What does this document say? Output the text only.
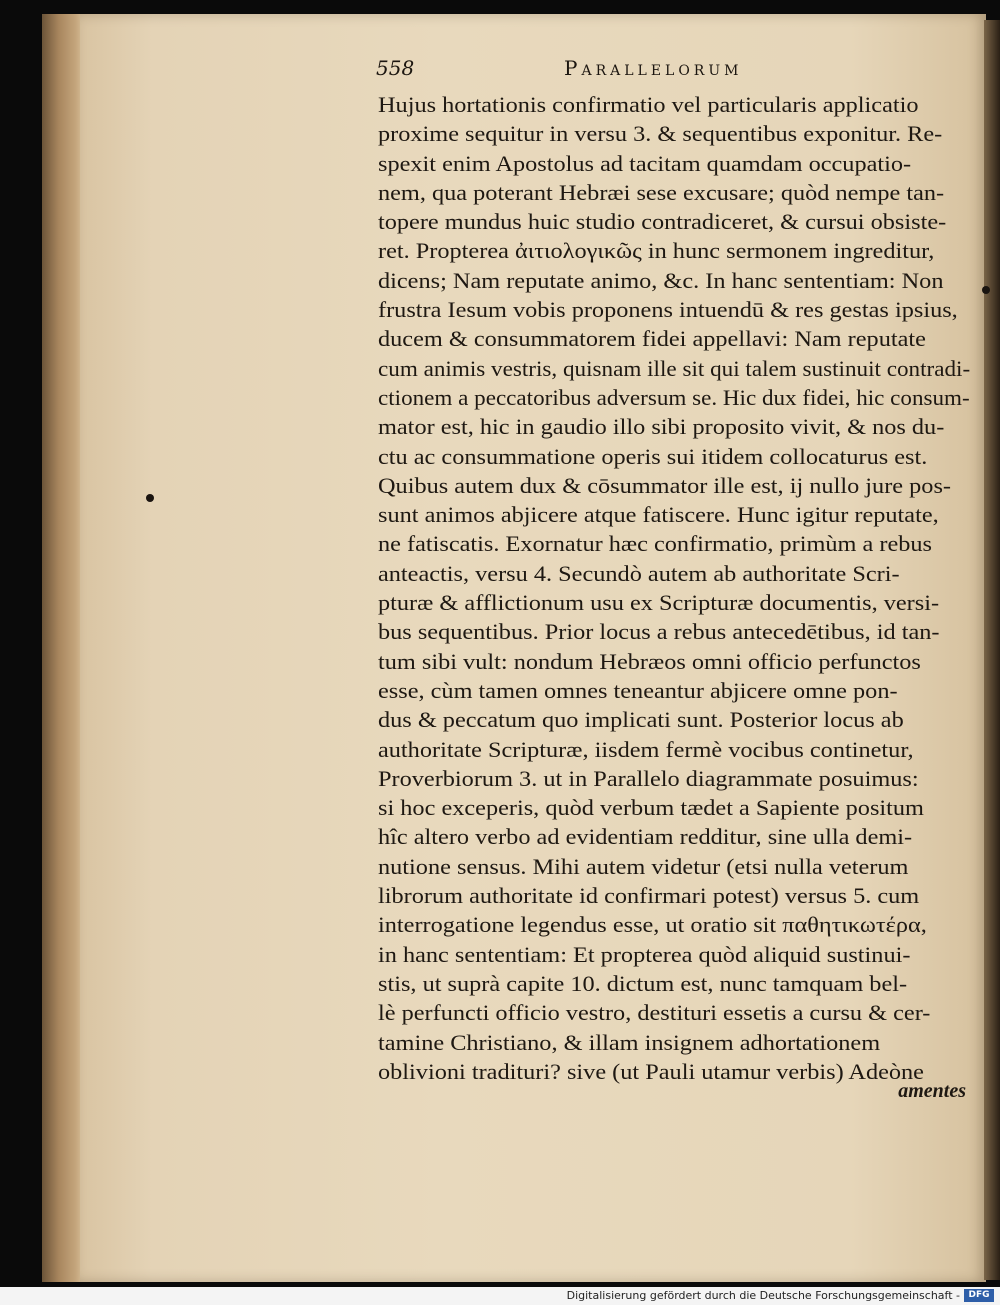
558	Parallelorum
Hujus hortationis confirmatio vel particularis applicatio
proxime sequitur in versu 3. & sequentibus exponitur. Re-
spexit enim Apostolus ad tacitam quamdam occupatio-
nem, qua poterant Hebræi sese excusare; quòd nempe tan-
topere mundus huic studio contradiceret, & cursui obsiste-
ret. Propterea ἀιτιολογικῶς in hunc sermonem ingreditur,
dicens; Nam reputate animo, &c. In hanc sententiam: Non
frustra Iesum vobis proponens intuendū & res gestas ipsius,
ducem & consummatorem fidei appellavi: Nam reputate
cum animis vestris, quisnam ille sit qui talem sustinuit contradi-
ctionem a peccatoribus adversum se. Hic dux fidei, hic consum-
mator est, hic in gaudio illo sibi proposito vivit, & nos du-
ctu ac consummatione operis sui itidem collocaturus est.
Quibus autem dux & cōsummator ille est, ij nullo jure pos-
sunt animos abjicere atque fatiscere. Hunc igitur reputate,
ne fatiscatis. Exornatur hæc confirmatio, primùm a rebus
anteactis, versu 4. Secundò autem ab authoritate Scri-
pturæ & afflictionum usu ex Scripturæ documentis, versi-
bus sequentibus. Prior locus a rebus antecedētibus, id tan-
tum sibi vult: nondum Hebræos omni officio perfunctos
esse, cùm tamen omnes teneantur abjicere omne pon-
dus & peccatum quo implicati sunt. Posterior locus ab
authoritate Scripturæ, iisdem fermè vocibus continetur,
Proverbiorum 3. ut in Parallelo diagrammate posuimus:
si hoc exceperis, quòd verbum tædet a Sapiente positum
hîc altero verbo ad evidentiam redditur, sine ulla demi-
nutione sensus. Mihi autem videtur (etsi nulla veterum
librorum authoritate id confirmari potest) versus 5. cum
interrogatione legendus esse, ut oratio sit παθητικωτέρα,
in hanc sententiam: Et propterea quòd aliquid sustinui-
stis, ut suprà capite 10. dictum est, nunc tamquam bel-
lè perfuncti officio vestro, destituri essetis a cursu & cer-
tamine Christiano, & illam insignem adhortationem
oblivioni tradituri? sive (ut Pauli utamur verbis) Adeòne
amentes
Digitalisierung gefördert durch die Deutsche Forschungsgemeinschaft - DFG
